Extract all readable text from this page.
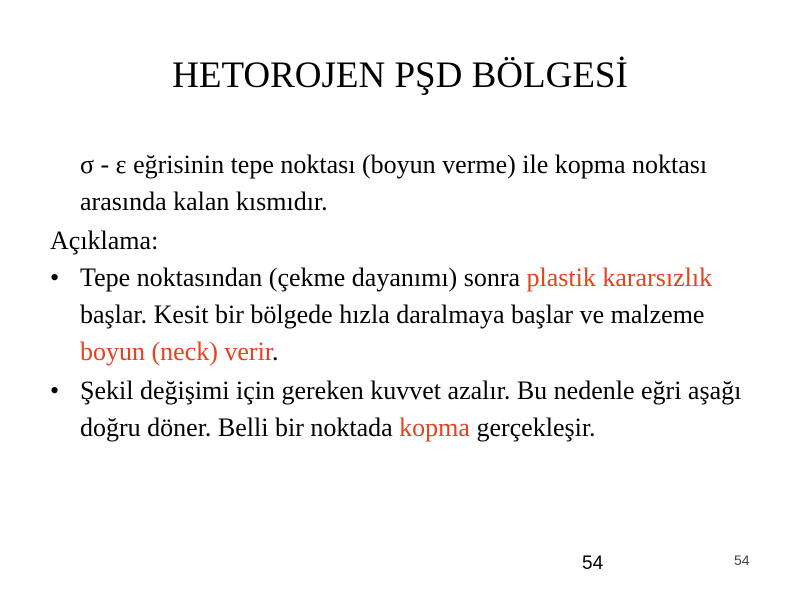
HETOROJEN PŞD BÖLGESİ

σ - ε eğrisinin tepe noktası (boyun verme) ile kopma noktası arasında kalan kısmıdır.

Açıklama:

• Tepe noktasından (çekme dayanımı) sonra plastik kararsızlık başlar. Kesit bir bölgede hızla daralmaya başlar ve malzeme boyun (neck) verir.
• Şekil değişimi için gereken kuvvet azalır. Bu nedenle eğri aşağı doğru döner. Belli bir noktada kopma gerçekleşir.
54	54
